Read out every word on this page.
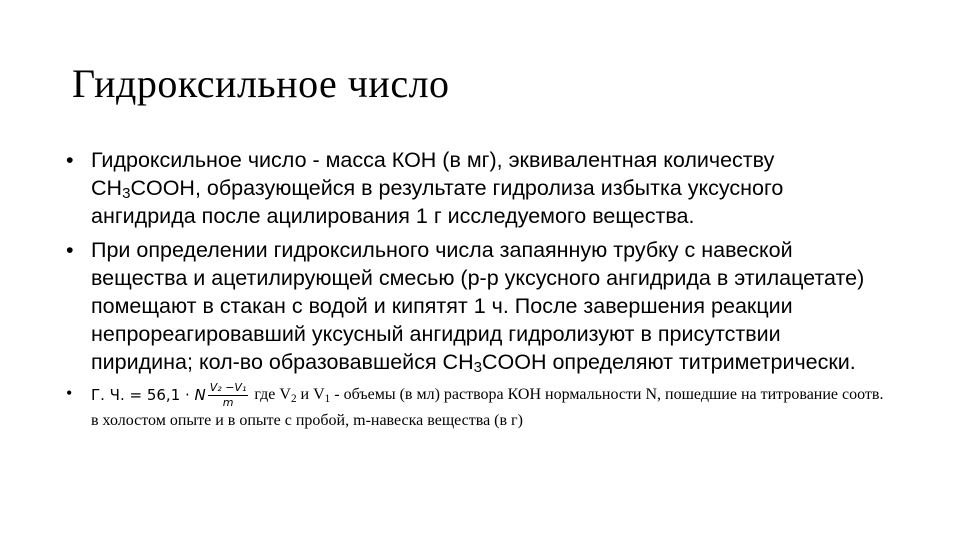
Гидроксильное число
• Гидроксильное число - масса КОН (в мг), эквивалентная количеству $CH_3COOH$, образующейся в результате гидролиза избытка уксусного ангидрида после ацилирования 1 г исследуемого вещества.
• При определении гидроксильного числа запаянную трубку с навеской вещества и ацетилирующей смесью (р-р уксусного ангидрида в этилацетате) помещают в стакан с водой и кипятят 1 ч. После завершения реакции непрореагировавший уксусный ангидрид гидролизуют в присутствии пиридина; кол-во образовавшейся $CH_3COOH$ определяют титриметрически.
• Г. Ч. = 56,1 · N $\frac{\text{V₂ −V₁}}{m}$ где $V_2$ и $V_1$ - объемы (в мл) раствора КОН нормальности N, пошедшие на титрование соотв. в холостом опыте и в опыте с пробой, m-навеска вещества (в г)
